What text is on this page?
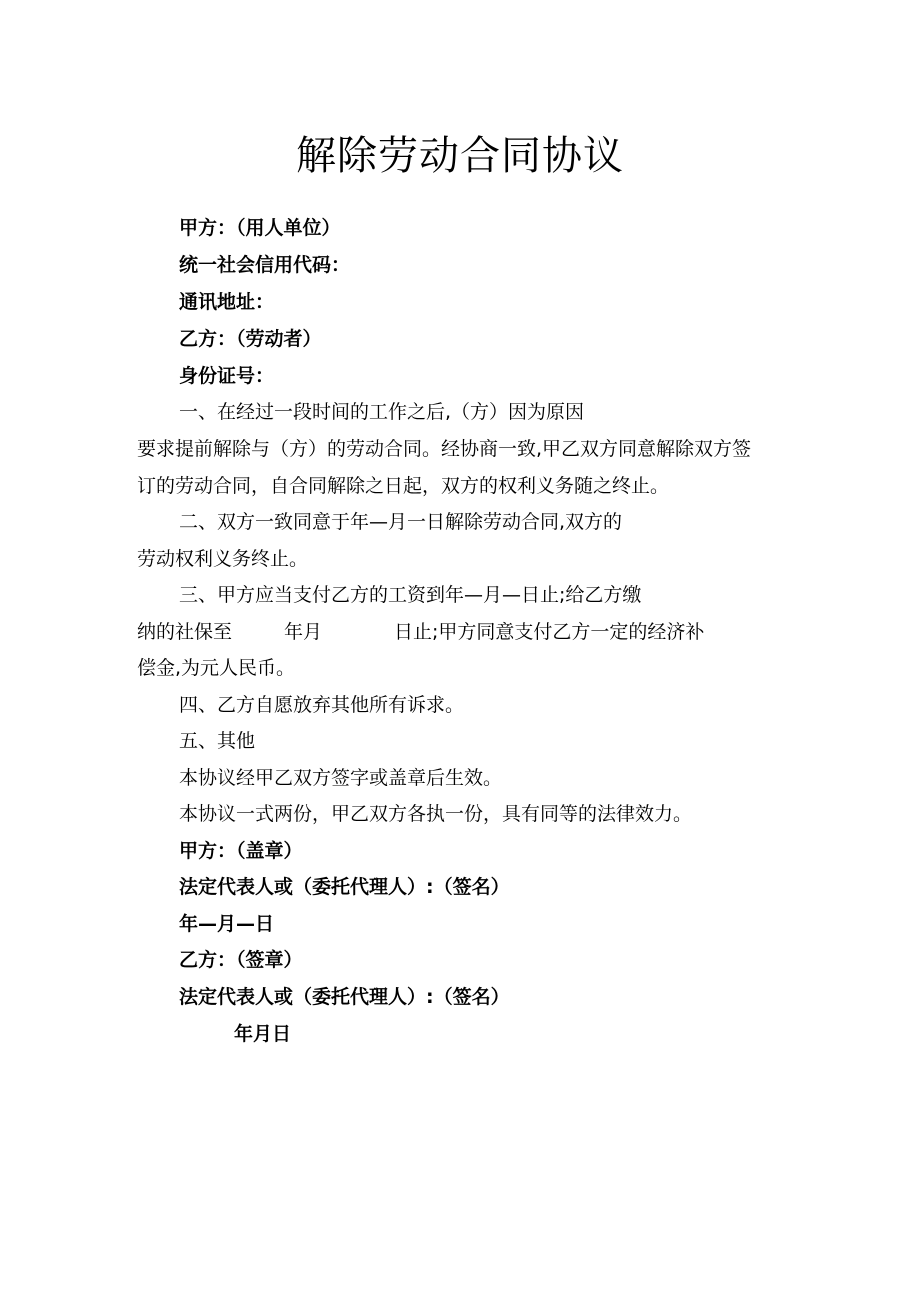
解除劳动合同协议
甲方：（用人单位）
统一社会信用代码：
通讯地址：
乙方：（劳动者）
身份证号：
一、在经过一段时间的工作之后,（方）因为原因
要求提前解除与（方）的劳动合同。经协商一致,甲乙双方同意解除双方签
订的劳动合同，自合同解除之日起，双方的权利义务随之终止。
二、双方一致同意于年—月一日解除劳动合同,双方的
劳动权利义务终止。
三、甲方应当支付乙方的工资到年—月—日止;给乙方缴
纳的社保至	年月	日止;甲方同意支付乙方一定的经济补
偿金,为元人民币。
四、乙方自愿放弃其他所有诉求。
五、其他
本协议经甲乙双方签字或盖章后生效。
本协议一式两份，甲乙双方各执一份，具有同等的法律效力。
甲方：（盖章）
法定代表人或（委托代理人）:（签名）
年—月—日
乙方：（签章）
法定代表人或（委托代理人）:（签名）
年月日
